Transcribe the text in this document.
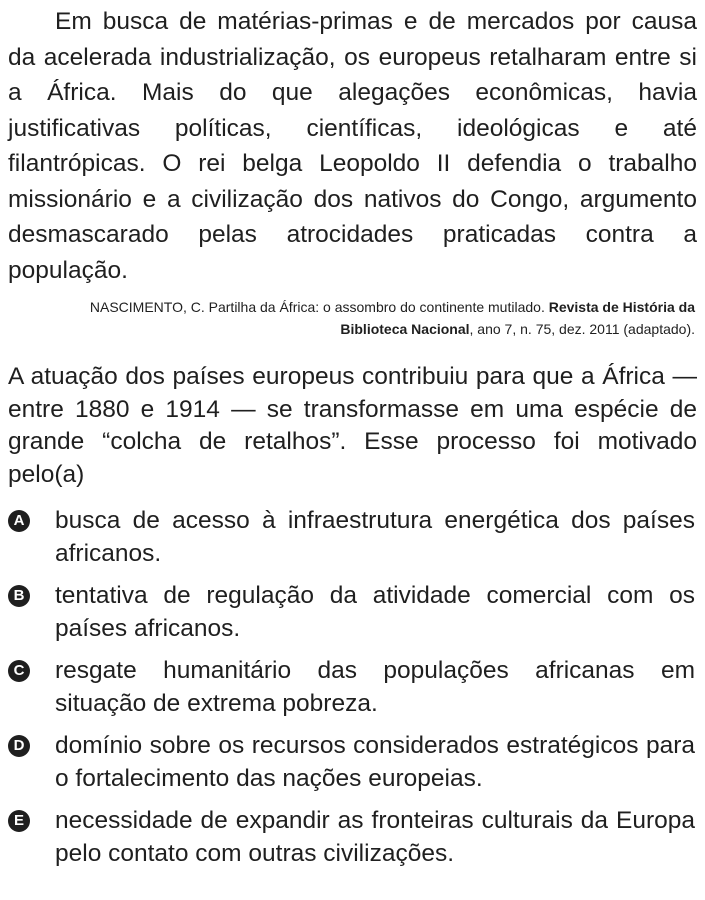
Em busca de matérias-primas e de mercados por causa da acelerada industrialização, os europeus retalharam entre si a África. Mais do que alegações econômicas, havia justificativas políticas, científicas, ideológicas e até filantrópicas. O rei belga Leopoldo II defendia o trabalho missionário e a civilização dos nativos do Congo, argumento desmascarado pelas atrocidades praticadas contra a população.

NASCIMENTO, C. Partilha da África: o assombro do continente mutilado. Revista de História da Biblioteca Nacional, ano 7, n. 75, dez. 2011 (adaptado).

A atuação dos países europeus contribuiu para que a África — entre 1880 e 1914 — se transformasse em uma espécie de grande “colcha de retalhos”. Esse processo foi motivado pelo(a)

A busca de acesso à infraestrutura energética dos países africanos.
B tentativa de regulação da atividade comercial com os países africanos.
C resgate humanitário das populações africanas em situação de extrema pobreza.
D domínio sobre os recursos considerados estratégicos para o fortalecimento das nações europeias.
E necessidade de expandir as fronteiras culturais da Europa pelo contato com outras civilizações.
